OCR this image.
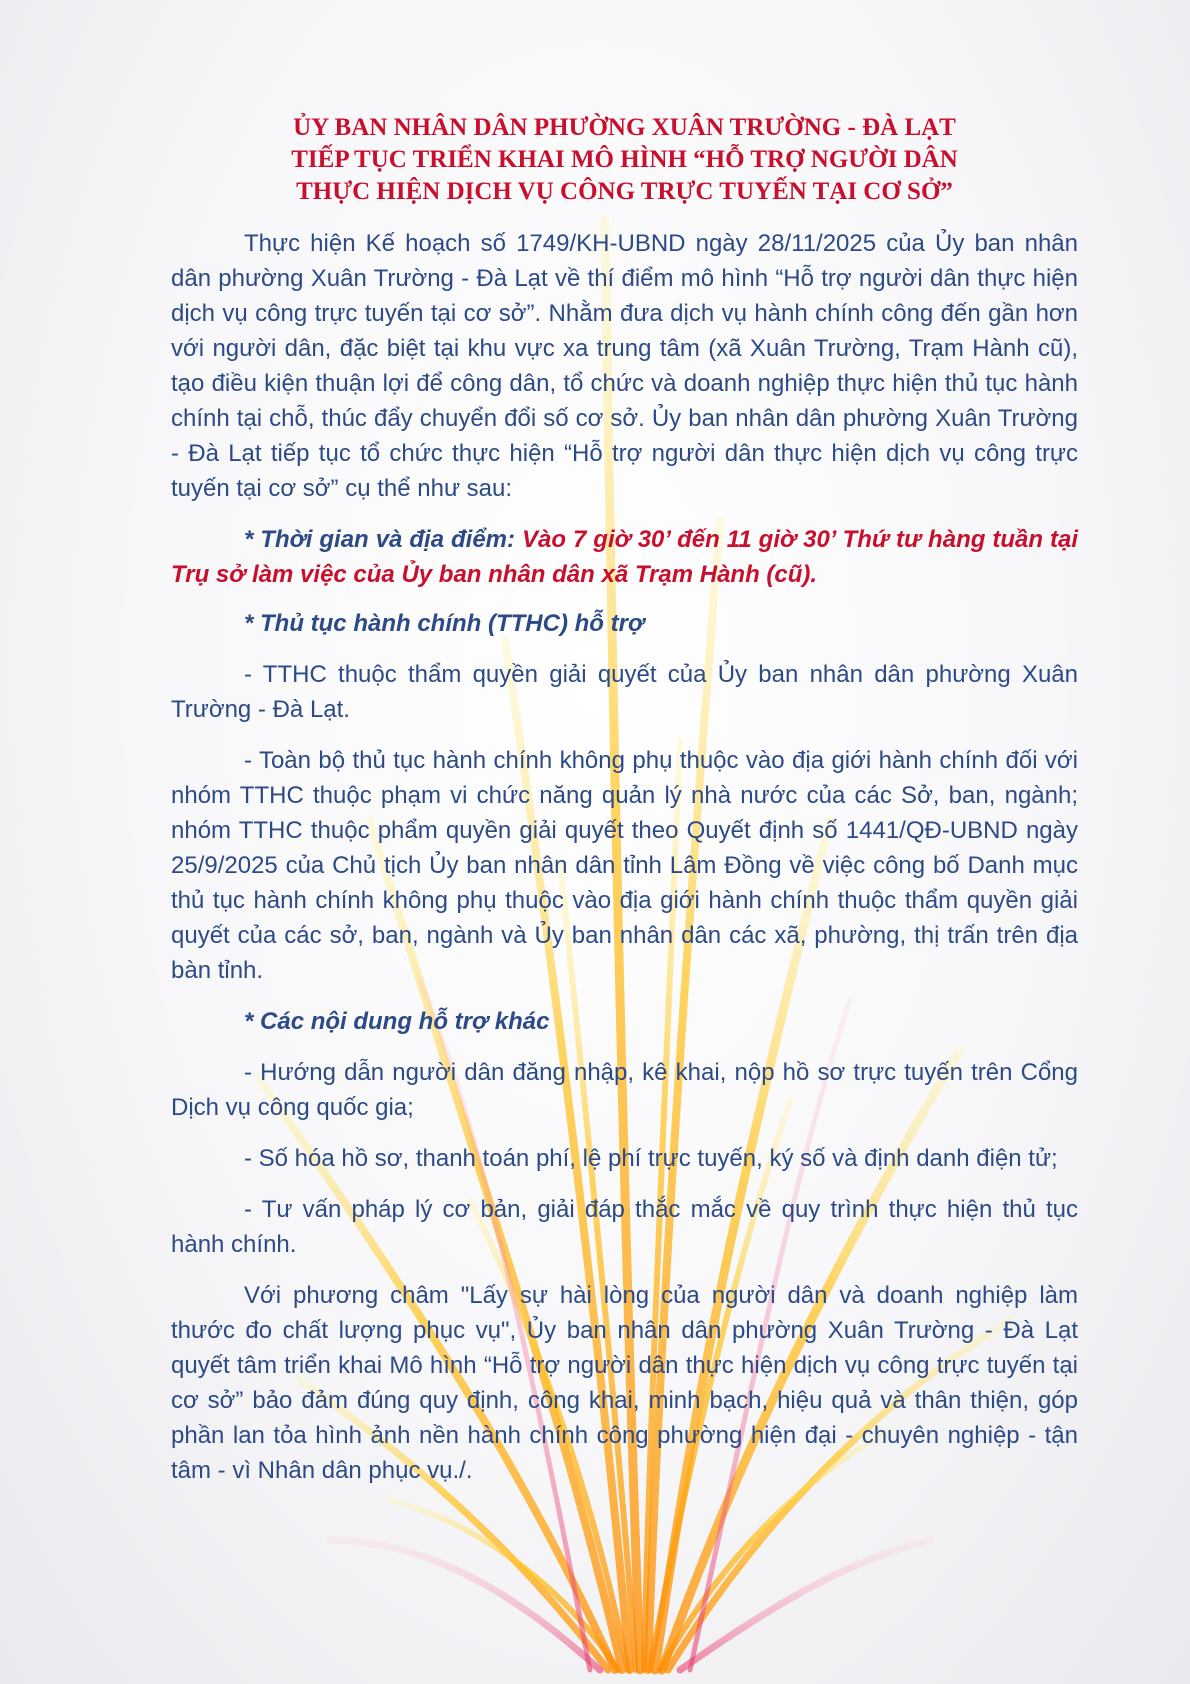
ỦY BAN NHÂN DÂN PHƯỜNG XUÂN TRƯỜNG - ĐÀ LẠT
TIẾP TỤC TRIỂN KHAI MÔ HÌNH “HỖ TRỢ NGƯỜI DÂN
THỰC HIỆN DỊCH VỤ CÔNG TRỰC TUYẾN TẠI CƠ SỞ”

Thực hiện Kế hoạch số 1749/KH-UBND ngày 28/11/2025 của Ủy ban nhân dân phường Xuân Trường - Đà Lạt về thí điểm mô hình “Hỗ trợ người dân thực hiện dịch vụ công trực tuyến tại cơ sở”. Nhằm đưa dịch vụ hành chính công đến gần hơn với người dân, đặc biệt tại khu vực xa trung tâm (xã Xuân Trường, Trạm Hành cũ), tạo điều kiện thuận lợi để công dân, tổ chức và doanh nghiệp thực hiện thủ tục hành chính tại chỗ, thúc đẩy chuyển đổi số cơ sở. Ủy ban nhân dân phường Xuân Trường - Đà Lạt tiếp tục tổ chức thực hiện “Hỗ trợ người dân thực hiện dịch vụ công trực tuyến tại cơ sở” cụ thể như sau:

* Thời gian và địa điểm: Vào 7 giờ 30’ đến 11 giờ 30’ Thứ tư hàng tuần tại Trụ sở làm việc của Ủy ban nhân dân xã Trạm Hành (cũ).

* Thủ tục hành chính (TTHC) hỗ trợ

- TTHC thuộc thẩm quyền giải quyết của Ủy ban nhân dân phường Xuân Trường - Đà Lạt.

- Toàn bộ thủ tục hành chính không phụ thuộc vào địa giới hành chính đối với nhóm TTHC thuộc phạm vi chức năng quản lý nhà nước của các Sở, ban, ngành; nhóm TTHC thuộc phẩm quyền giải quyết theo Quyết định số 1441/QĐ-UBND ngày 25/9/2025 của Chủ tịch Ủy ban nhân dân tỉnh Lâm Đồng về việc công bố Danh mục thủ tục hành chính không phụ thuộc vào địa giới hành chính thuộc thẩm quyền giải quyết của các sở, ban, ngành và Ủy ban nhân dân các xã, phường, thị trấn trên địa bàn tỉnh.

* Các nội dung hỗ trợ khác

- Hướng dẫn người dân đăng nhập, kê khai, nộp hồ sơ trực tuyến trên Cổng Dịch vụ công quốc gia;

- Số hóa hồ sơ, thanh toán phí, lệ phí trực tuyến, ký số và định danh điện tử;

- Tư vấn pháp lý cơ bản, giải đáp thắc mắc về quy trình thực hiện thủ tục hành chính.

Với phương châm "Lấy sự hài lòng của người dân và doanh nghiệp làm thước đo chất lượng phục vụ", Ủy ban nhân dân phường Xuân Trường - Đà Lạt quyết tâm triển khai Mô hình “Hỗ trợ người dân thực hiện dịch vụ công trực tuyến tại cơ sở” bảo đảm đúng quy định, công khai, minh bạch, hiệu quả và thân thiện, góp phần lan tỏa hình ảnh nền hành chính công phường hiện đại - chuyên nghiệp - tận tâm - vì Nhân dân phục vụ./.
